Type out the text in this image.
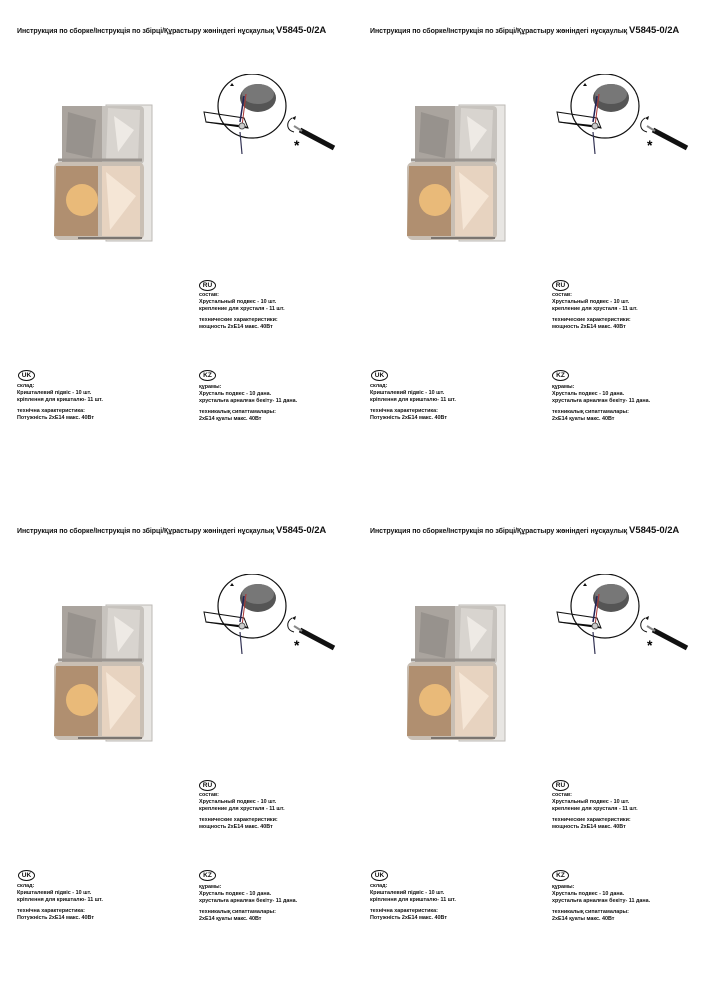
Инструкция по сборке/Інструкція по збірці/Құрастыру жөніндегі нұсқаулық V5845-0/2A
*
RU
состав:
Хрустальный подвес - 10 шт.
крепление для хрусталя - 11 шт.
технические характеристики:
мощность 2хЕ14 макс. 40Вт
UK
склад:
Кришталевий підвіс - 10 шт.
кріплення для кришталю- 11 шт.
технічна характеристика:
Потужність 2хЕ14 макс. 40Вт
KZ
құрамы:
Хрусталь подвес - 10 дана.
хрустальға арналған бекіту- 11 дана.
техникалық сипаттамалары:
2хЕ14 қуаты макс. 40Вт
Инструкция по сборке/Інструкція по збірці/Құрастыру жөніндегі нұсқаулық V5845-0/2A
*
RU
состав:
Хрустальный подвес - 10 шт.
крепление для хрусталя - 11 шт.
технические характеристики:
мощность 2хЕ14 макс. 40Вт
UK
склад:
Кришталевий підвіс - 10 шт.
кріплення для кришталю- 11 шт.
технічна характеристика:
Потужність 2хЕ14 макс. 40Вт
KZ
құрамы:
Хрусталь подвес - 10 дана.
хрустальға арналған бекіту- 11 дана.
техникалық сипаттамалары:
2хЕ14 қуаты макс. 40Вт
Инструкция по сборке/Інструкція по збірці/Құрастыру жөніндегі нұсқаулық V5845-0/2A
*
RU
состав:
Хрустальный подвес - 10 шт.
крепление для хрусталя - 11 шт.
технические характеристики:
мощность 2хЕ14 макс. 40Вт
UK
склад:
Кришталевий підвіс - 10 шт.
кріплення для кришталю- 11 шт.
технічна характеристика:
Потужність 2хЕ14 макс. 40Вт
KZ
құрамы:
Хрусталь подвес - 10 дана.
хрустальға арналған бекіту- 11 дана.
техникалық сипаттамалары:
2хЕ14 қуаты макс. 40Вт
Инструкция по сборке/Інструкція по збірці/Құрастыру жөніндегі нұсқаулық V5845-0/2A
*
RU
состав:
Хрустальный подвес - 10 шт.
крепление для хрусталя - 11 шт.
технические характеристики:
мощность 2хЕ14 макс. 40Вт
UK
склад:
Кришталевий підвіс - 10 шт.
кріплення для кришталю- 11 шт.
технічна характеристика:
Потужність 2хЕ14 макс. 40Вт
KZ
құрамы:
Хрусталь подвес - 10 дана.
хрустальға арналған бекіту- 11 дана.
техникалық сипаттамалары:
2хЕ14 қуаты макс. 40Вт
